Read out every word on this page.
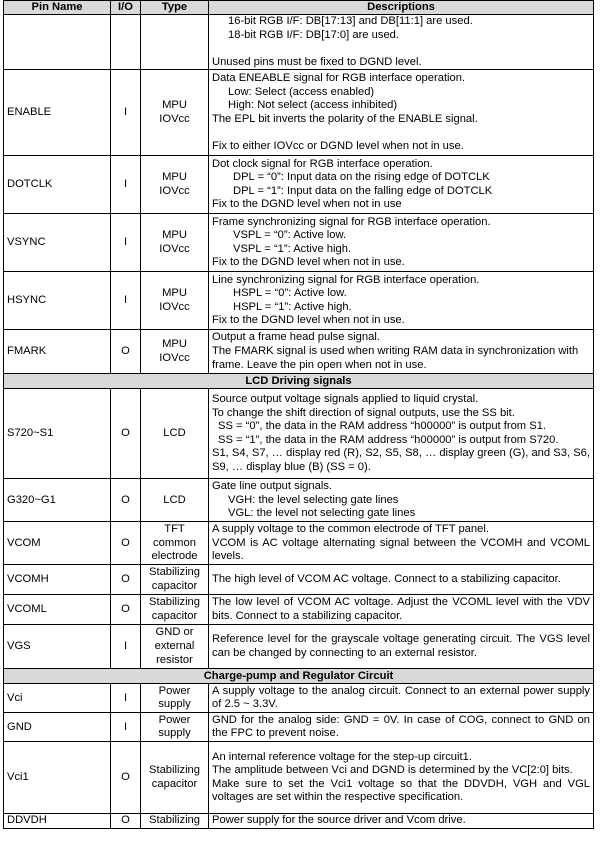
Pin Name	I/O	Type	Descriptions

			16-bit RGB I/F: DB[17:13] and DB[11:1] are used.
18-bit RGB I/F: DB[17:0] are used.
Unused pins must be fixed to DGND level.

ENABLE	I	MPU
IOVcc	Data ENEABLE signal for RGB interface operation.
Low: Select (access enabled)
High: Not select (access inhibited)
The EPL bit inverts the polarity of the ENABLE signal.
Fix to either IOVcc or DGND level when not in use.

DOTCLK	I	MPU
IOVcc	Dot clock signal for RGB interface operation.
DPL = “0”: Input data on the rising edge of DOTCLK
DPL = “1”: Input data on the falling edge of DOTCLK
Fix to the DGND level when not in use

VSYNC	I	MPU
IOVcc	Frame synchronizing signal for RGB interface operation.
VSPL = “0”: Active low.
VSPL = “1”: Active high.
Fix to the DGND level when not in use.

HSYNC	I	MPU
IOVcc	Line synchronizing signal for RGB interface operation.
HSPL = “0”: Active low.
HSPL = “1”: Active high.
Fix to the DGND level when not in use.

FMARK	O	MPU
IOVcc	Output a frame head pulse signal.
The FMARK signal is used when writing RAM data in synchronization with frame. Leave the pin open when not in use.

LCD Driving signals			
S720~S1	O	LCD	Source output voltage signals applied to liquid crystal.
To change the shift direction of signal outputs, use the SS bit.
SS = “0”, the data in the RAM address “h00000” is output from S1.
SS = “1”, the data in the RAM address “h00000” is output from S720.
S1, S4, S7, … display red (R), S2, S5, S8, … display green (G), and S3, S6, S9, … display blue (B) (SS = 0).

G320~G1	O	LCD	Gate line output signals.
VGH: the level selecting gate lines
VGL: the level not selecting gate lines

VCOM	O	TFT
common
electrode	A supply voltage to the common electrode of TFT panel.
VCOM is AC voltage alternating signal between the VCOMH and VCOML levels.

VCOMH	O	Stabilizing
capacitor	The high level of VCOM AC voltage. Connect to a stabilizing capacitor.

VCOML	O	Stabilizing
capacitor	The low level of VCOM AC voltage. Adjust the VCOML level with the VDV bits. Connect to a stabilizing capacitor.

VGS	I	GND or
external
resistor	Reference level for the grayscale voltage generating circuit. The VGS level can be changed by connecting to an external resistor.

Charge-pump and Regulator Circuit			
Vci	I	Power
supply	A supply voltage to the analog circuit. Connect to an external power supply of 2.5 ~ 3.3V.

GND	I	Power
supply	GND for the analog side: GND = 0V. In case of COG, connect to GND on the FPC to prevent noise.

Vci1	O	Stabilizing
capacitor	An internal reference voltage for the step-up circuit1.
The amplitude between Vci and DGND is determined by the VC[2:0] bits.
Make sure to set the Vci1 voltage so that the DDVDH, VGH and VGL voltages are set within the respective specification.

DDVDH	O	Stabilizing	Power supply for the source driver and Vcom drive.
